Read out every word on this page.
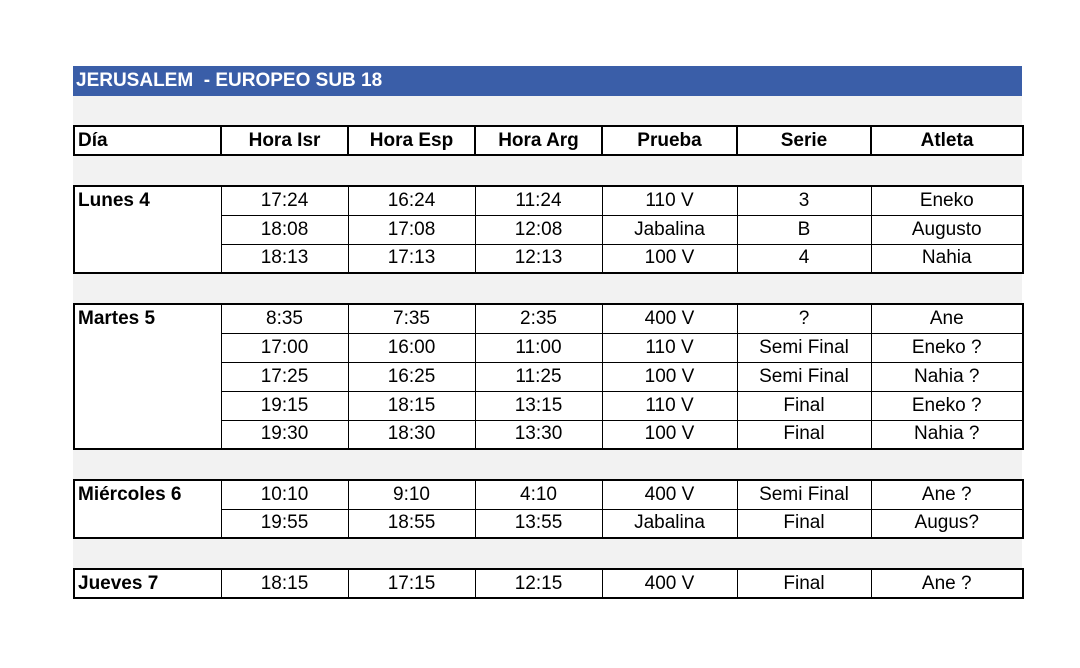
JERUSALEM  - EUROPEO SUB 18
Día	Hora Isr	Hora Esp	Hora Arg	Prueba	Serie	Atleta
Lunes 4	17:24	16:24	11:24	110 V	3	Eneko
	18:08	17:08	12:08	Jabalina	B	Augusto
	18:13	17:13	12:13	100 V	4	Nahia
Martes 5	8:35	7:35	2:35	400 V	?	Ane
	17:00	16:00	11:00	110 V	Semi Final	Eneko ?
	17:25	16:25	11:25	100 V	Semi Final	Nahia ?
	19:15	18:15	13:15	110 V	Final	Eneko ?
	19:30	18:30	13:30	100 V	Final	Nahia ?
Miércoles 6	10:10	9:10	4:10	400 V	Semi Final	Ane ?
	19:55	18:55	13:55	Jabalina	Final	Augus?
Jueves 7	18:15	17:15	12:15	400 V	Final	Ane ?
